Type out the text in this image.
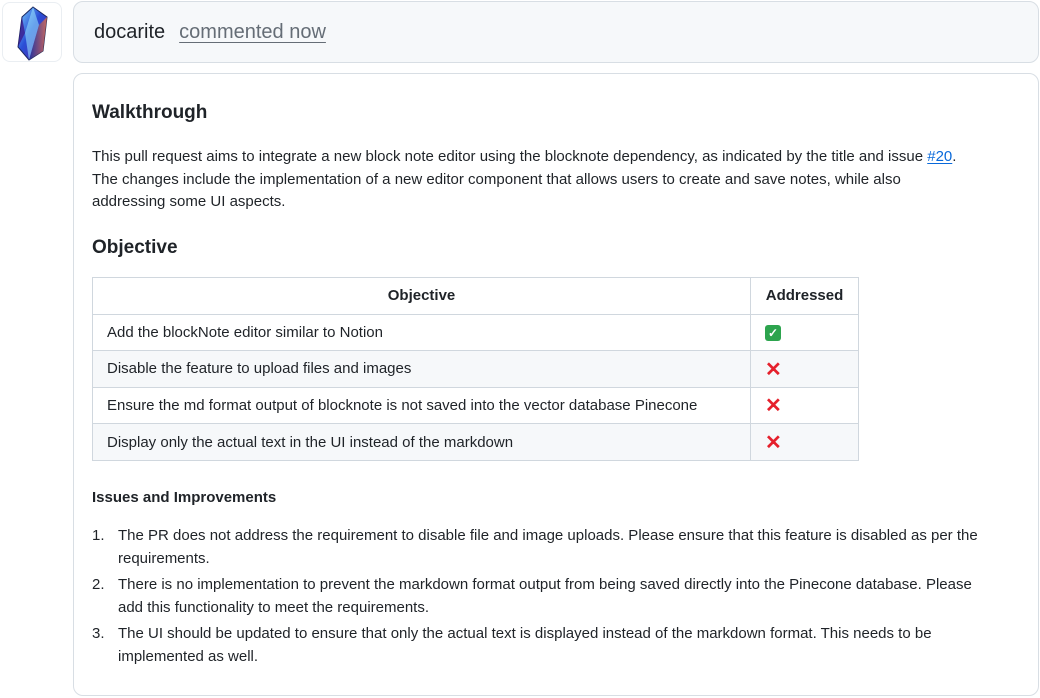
docarite commented now
Walkthrough

This pull request aims to integrate a new block note editor using the blocknote dependency, as indicated by the title and issue #20. The changes include the implementation of a new editor component that allows users to create and save notes, while also addressing some UI aspects.

Objective
Objective	Addressed
Add the blockNote editor similar to Notion	✓
Disable the feature to upload files and images	✕
Ensure the md format output of blocknote is not saved into the vector database Pinecone	✕
Display only the actual text in the UI instead of the markdown	✕
Issues and Improvements
1. The PR does not address the requirement to disable file and image uploads. Please ensure that this feature is disabled as per the requirements.
2. There is no implementation to prevent the markdown format output from being saved directly into the Pinecone database. Please add this functionality to meet the requirements.
3. The UI should be updated to ensure that only the actual text is displayed instead of the markdown format. This needs to be implemented as well.
